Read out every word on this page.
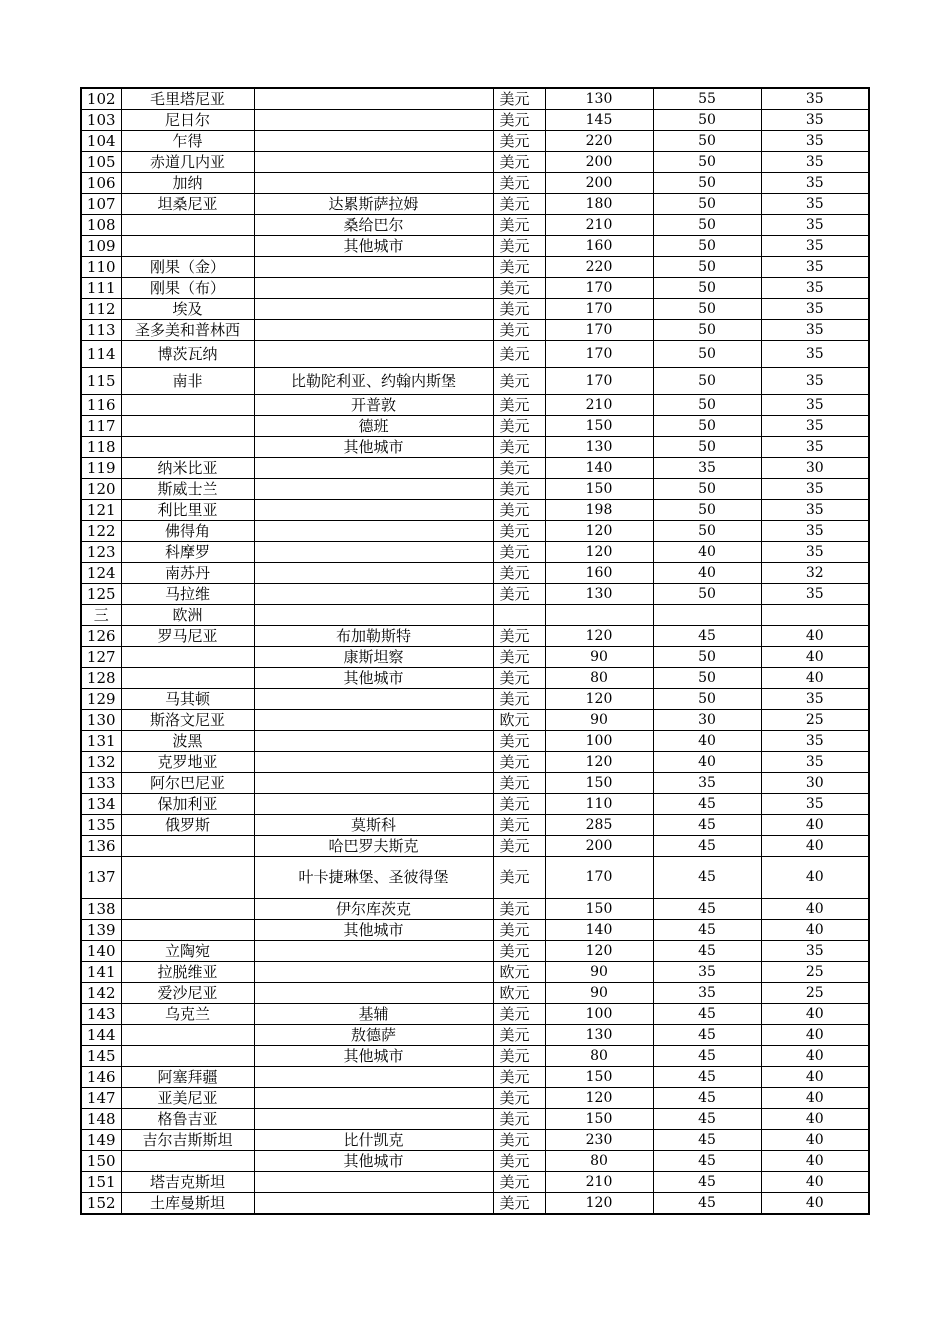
102	毛里塔尼亚		美元	130	55	35
103	尼日尔		美元	145	50	35
104	乍得		美元	220	50	35
105	赤道几内亚		美元	200	50	35
106	加纳		美元	200	50	35
107	坦桑尼亚	达累斯萨拉姆	美元	180	50	35
108		桑给巴尔	美元	210	50	35
109		其他城市	美元	160	50	35
110	刚果（金）		美元	220	50	35
111	刚果（布）		美元	170	50	35
112	埃及		美元	170	50	35
113	圣多美和普林西		美元	170	50	35
114	博茨瓦纳		美元	170	50	35
115	南非	比勒陀利亚、约翰内斯堡	美元	170	50	35
116		开普敦	美元	210	50	35
117		德班	美元	150	50	35
118		其他城市	美元	130	50	35
119	纳米比亚		美元	140	35	30
120	斯威士兰		美元	150	50	35
121	利比里亚		美元	198	50	35
122	佛得角		美元	120	50	35
123	科摩罗		美元	120	40	35
124	南苏丹		美元	160	40	32
125	马拉维		美元	130	50	35
三	欧洲					
126	罗马尼亚	布加勒斯特	美元	120	45	40
127		康斯坦察	美元	90	50	40
128		其他城市	美元	80	50	40
129	马其顿		美元	120	50	35
130	斯洛文尼亚		欧元	90	30	25
131	波黑		美元	100	40	35
132	克罗地亚		美元	120	40	35
133	阿尔巴尼亚		美元	150	35	30
134	保加利亚		美元	110	45	35
135	俄罗斯	莫斯科	美元	285	45	40
136		哈巴罗夫斯克	美元	200	45	40
137		叶卡捷琳堡、圣彼得堡	美元	170	45	40
138		伊尔库茨克	美元	150	45	40
139		其他城市	美元	140	45	40
140	立陶宛		美元	120	45	35
141	拉脱维亚		欧元	90	35	25
142	爱沙尼亚		欧元	90	35	25
143	乌克兰	基辅	美元	100	45	40
144		敖德萨	美元	130	45	40
145		其他城市	美元	80	45	40
146	阿塞拜疆		美元	150	45	40
147	亚美尼亚		美元	120	45	40
148	格鲁吉亚		美元	150	45	40
149	吉尔吉斯斯坦	比什凯克	美元	230	45	40
150		其他城市	美元	80	45	40
151	塔吉克斯坦		美元	210	45	40
152	土库曼斯坦		美元	120	45	40
